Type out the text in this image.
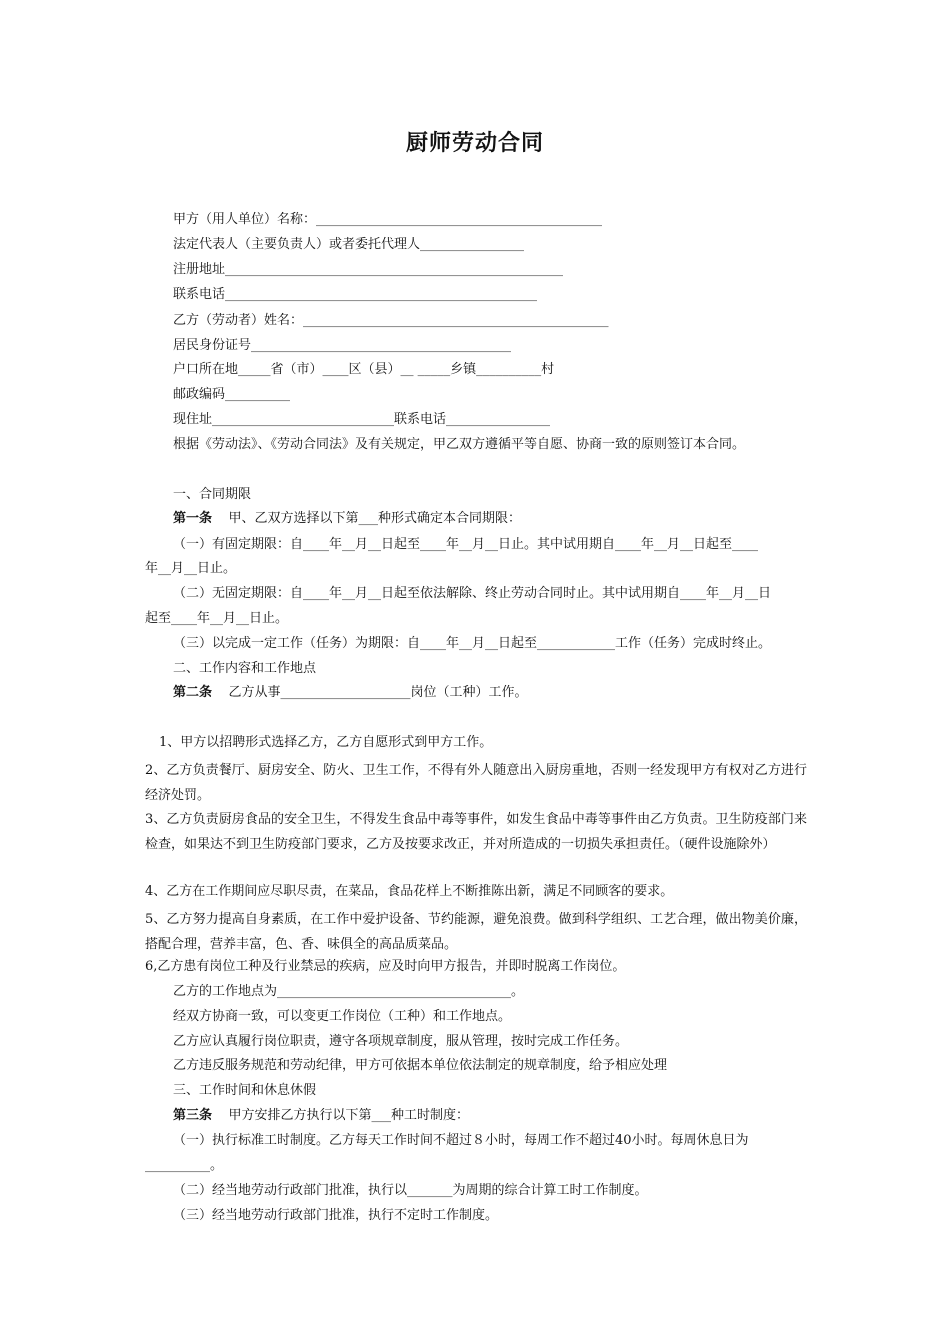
厨师劳动合同
甲方（用人单位）名称：____________________________________________
法定代表人（主要负责人）或者委托代理人________________
注册地址____________________________________________________
联系电话________________________________________________
乙方（劳动者）姓名：_______________________________________________
居民身份证号________________________________________
户口所在地_____省（市）____区（县）__ _____乡镇__________村
邮政编码__________
现住址____________________________联系电话________________
根据《劳动法》、《劳动合同法》及有关规定，甲乙双方遵循平等自愿、协商一致的原则签订本合同。
一、合同期限
第一条 甲、乙双方选择以下第___种形式确定本合同期限：
（一）有固定期限：自____年__月__日起至____年__月__日止。其中试用期自____年__月__日起至____
年__月__日止。
（二）无固定期限：自____年__月__日起至依法解除、终止劳动合同时止。其中试用期自____年__月__日
起至____年__月__日止。
（三）以完成一定工作（任务）为期限：自____年__月__日起至____________工作（任务）完成时终止。
二、工作内容和工作地点
第二条 乙方从事____________________岗位（工种）工作。
1、甲方以招聘形式选择乙方，乙方自愿形式到甲方工作。
2、乙方负责餐厅、厨房安全、防火、卫生工作，不得有外人随意出入厨房重地，否则一经发现甲方有权对乙方进行经济处罚。
3、乙方负责厨房食品的安全卫生，不得发生食品中毒等事件，如发生食品中毒等事件由乙方负责。卫生防疫部门来检查，如果达不到卫生防疫部门要求，乙方及按要求改正，并对所造成的一切损失承担责任。（硬件设施除外）
4、乙方在工作期间应尽职尽责，在菜品，食品花样上不断推陈出新，满足不同顾客的要求。
5、乙方努力提高自身素质，在工作中爱护设备、节约能源，避免浪费。做到科学组织、工艺合理，做出物美价廉，搭配合理，营养丰富，色、香、味俱全的高品质菜品。
6,乙方患有岗位工种及行业禁忌的疾病，应及时向甲方报告，并即时脱离工作岗位。
乙方的工作地点为____________________________________。
经双方协商一致，可以变更工作岗位（工种）和工作地点。
乙方应认真履行岗位职责，遵守各项规章制度，服从管理，按时完成工作任务。
乙方违反服务规范和劳动纪律，甲方可依据本单位依法制定的规章制度，给予相应处理
三、工作时间和休息休假
第三条 甲方安排乙方执行以下第___种工时制度：
（一）执行标准工时制度。乙方每天工作时间不超过８小时，每周工作不超过40小时。每周休息日为
__________。
（二）经当地劳动行政部门批准，执行以_______为周期的综合计算工时工作制度。
（三）经当地劳动行政部门批准，执行不定时工作制度。
